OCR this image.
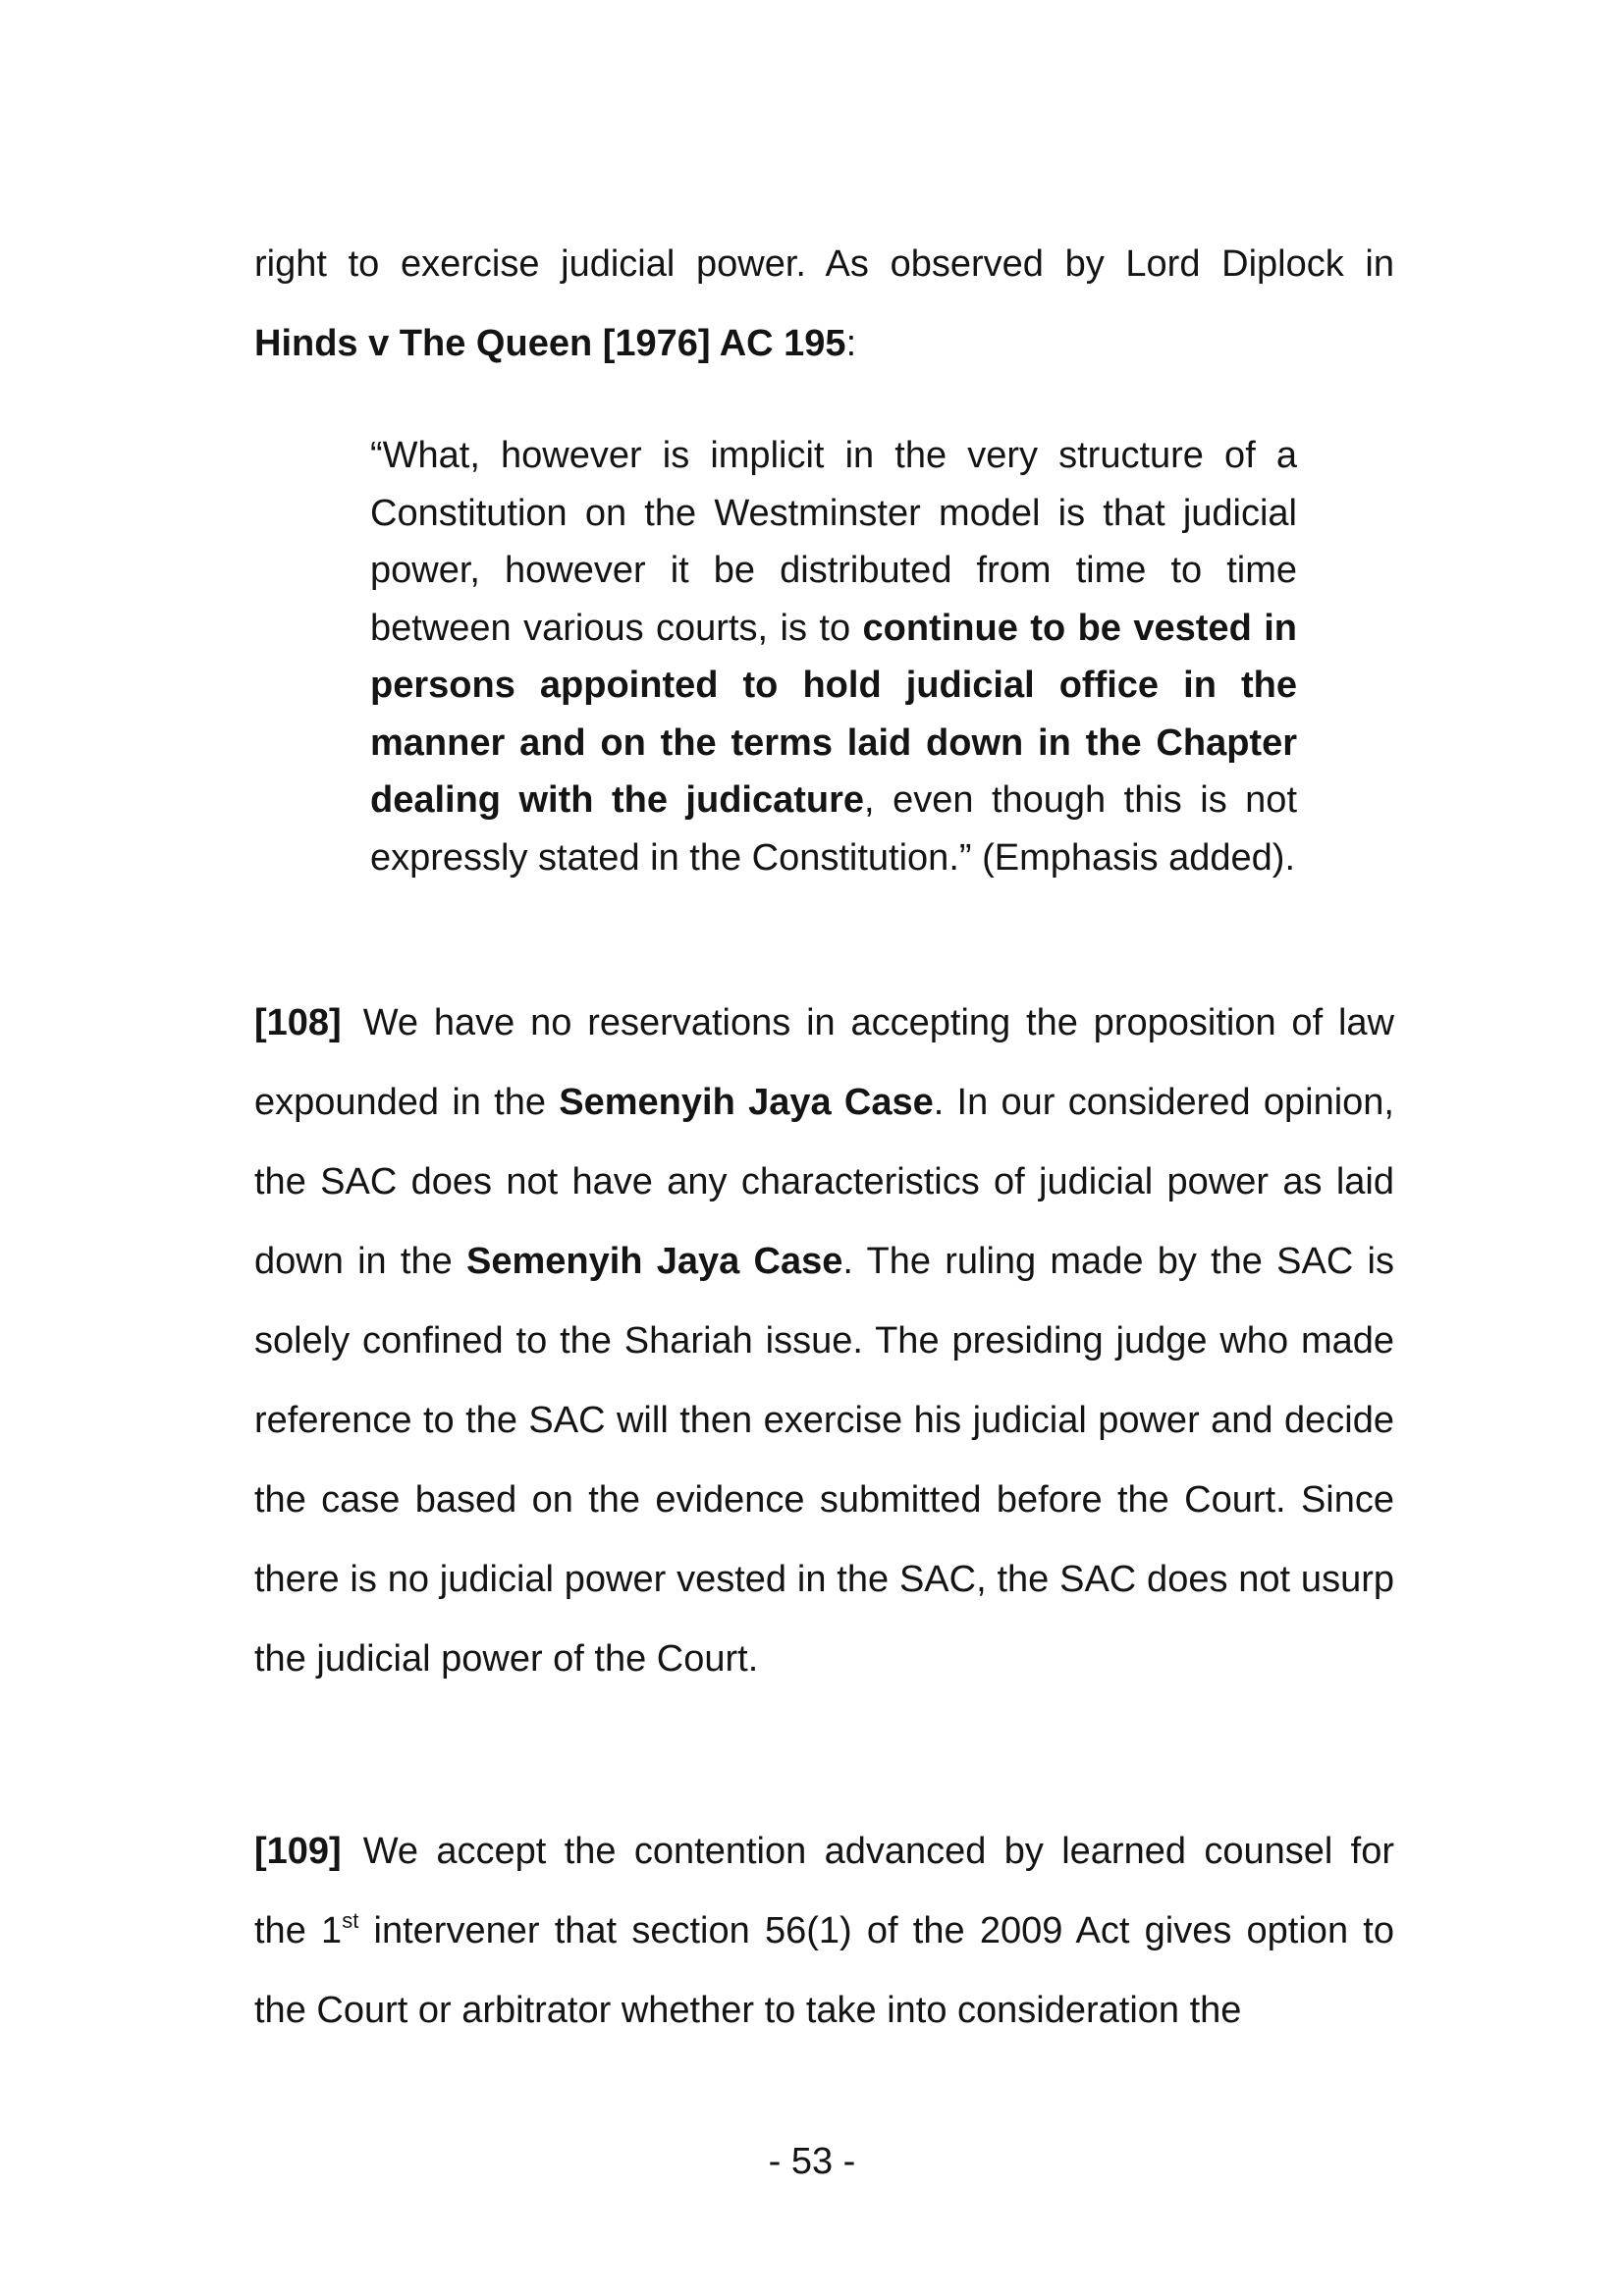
right to exercise judicial power. As observed by Lord Diplock in Hinds v The Queen [1976] AC 195:

“What, however is implicit in the very structure of a Constitution on the Westminster model is that judicial power, however it be distributed from time to time between various courts, is to continue to be vested in persons appointed to hold judicial office in the manner and on the terms laid down in the Chapter dealing with the judicature, even though this is not expressly stated in the Constitution.” (Emphasis added).

[108] We have no reservations in accepting the proposition of law expounded in the Semenyih Jaya Case. In our considered opinion, the SAC does not have any characteristics of judicial power as laid down in the Semenyih Jaya Case. The ruling made by the SAC is solely confined to the Shariah issue. The presiding judge who made reference to the SAC will then exercise his judicial power and decide the case based on the evidence submitted before the Court. Since there is no judicial power vested in the SAC, the SAC does not usurp the judicial power of the Court.

[109] We accept the contention advanced by learned counsel for the 1st intervener that section 56(1) of the 2009 Act gives option to the Court or arbitrator whether to take into consideration the

- 53 -
